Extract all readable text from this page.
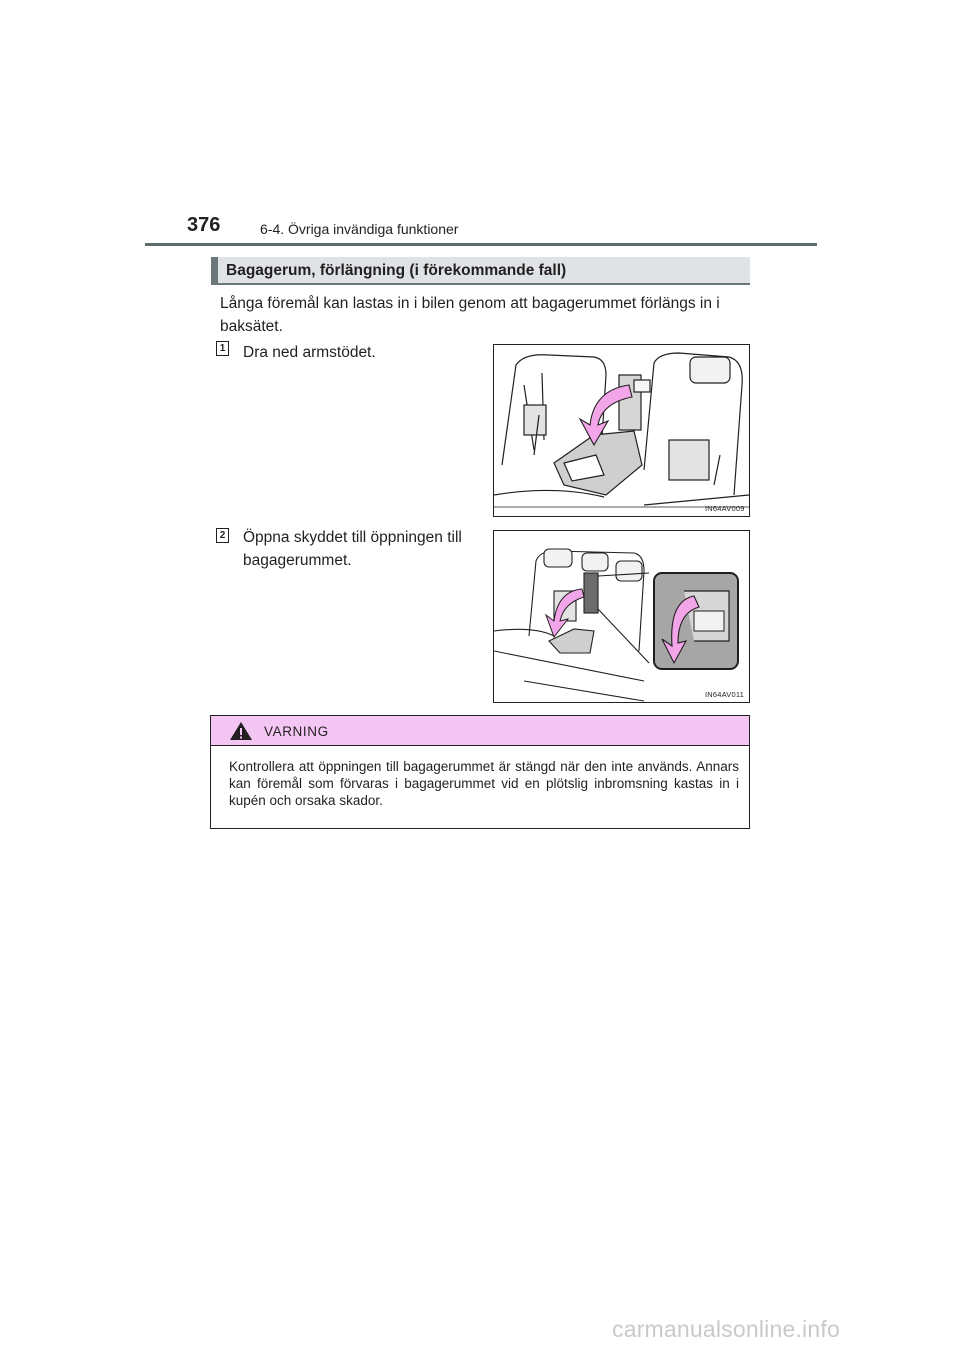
376	6-4. Övriga invändiga funktioner
Bagagerum, förlängning (i förekommande fall)
Långa föremål kan lastas in i bilen genom att bagagerummet förlängs in i baksätet.
1 Dra ned armstödet.
IN64AV009
2 Öppna skyddet till öppningen till bagagerummet.
IN64AV011
VARNING
Kontrollera att öppningen till bagagerummet är stängd när den inte används. Annars kan föremål som förvaras i bagagerummet vid en plötslig inbromsning kastas in i kupén och orsaka skador.
carmanualsonline.info
